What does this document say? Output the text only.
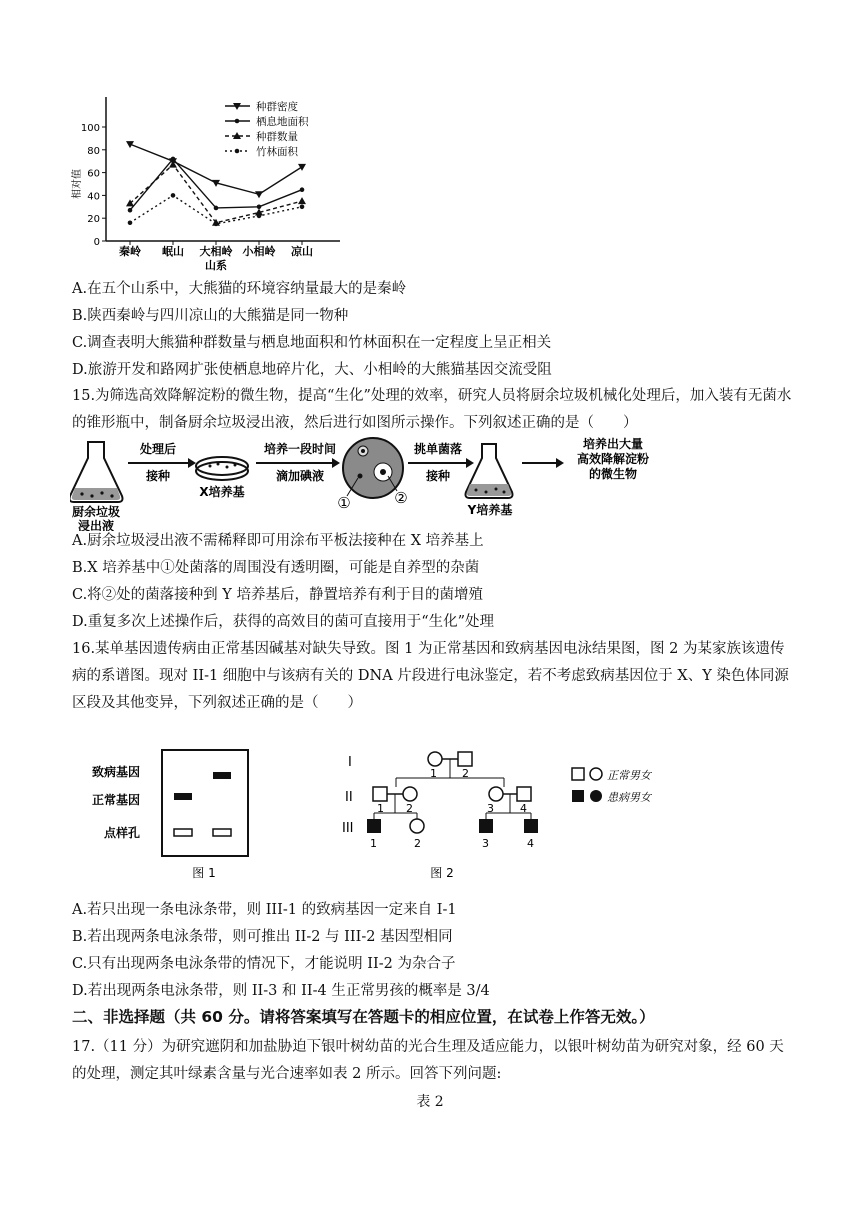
0
20
40
60
80
100
相对值
秦岭 岷山 大相岭 小相岭 凉山
山系
种群密度
栖息地面积
种群数量
竹林面积
A.在五个山系中，大熊猫的环境容纳量最大的是秦岭
B.陕西秦岭与四川凉山的大熊猫是同一物种
C.调查表明大熊猫种群数量与栖息地面积和竹林面积在一定程度上呈正相关
D.旅游开发和路网扩张使栖息地碎片化，大、小相岭的大熊猫基因交流受阻
15.为筛选高效降解淀粉的微生物，提高“生化”处理的效率，研究人员将厨余垃圾机械化处理后，加入装有无菌水的锥形瓶中，制备厨余垃圾浸出液，然后进行如图所示操作。下列叙述正确的是（　　）
厨余垃圾
浸出液
处理后
接种
X培养基
培养一段时间
滴加碘液
①	②
挑单菌落
接种
Y培养基
培养出大量
高效降解淀粉
的微生物
A.厨余垃圾浸出液不需稀释即可用涂布平板法接种在 X 培养基上
B.X 培养基中①处菌落的周围没有透明圈，可能是自养型的杂菌
C.将②处的菌落接种到 Y 培养基后，静置培养有利于目的菌增殖
D.重复多次上述操作后，获得的高效目的菌可直接用于“生化”处理
16.某单基因遗传病由正常基因碱基对缺失导致。图 1 为正常基因和致病基因电泳结果图，图 2 为某家族该遗传病的系谱图。现对 II-1 细胞中与该病有关的 DNA 片段进行电泳鉴定，若不考虑致病基因位于 X、Y 染色体同源区段及其他变异，下列叙述正确的是（　　）
致病基因
正常基因
点样孔
图 1
I
II
III
1 2
1 2	3 4
1	2	3	4
图 2
正常男女
患病男女
A.若只出现一条电泳条带，则 III-1 的致病基因一定来自 I-1
B.若出现两条电泳条带，则可推出 II-2 与 III-2 基因型相同
C.只有出现两条电泳条带的情况下，才能说明 II-2 为杂合子
D.若出现两条电泳条带，则 II-3 和 II-4 生正常男孩的概率是 3/4
二、非选择题（共 60 分。请将答案填写在答题卡的相应位置，在试卷上作答无效。）
17.（11 分）为研究遮阴和加盐胁迫下银叶树幼苗的光合生理及适应能力，以银叶树幼苗为研究对象，经 60 天的处理，测定其叶绿素含量与光合速率如表 2 所示。回答下列问题:
表 2
